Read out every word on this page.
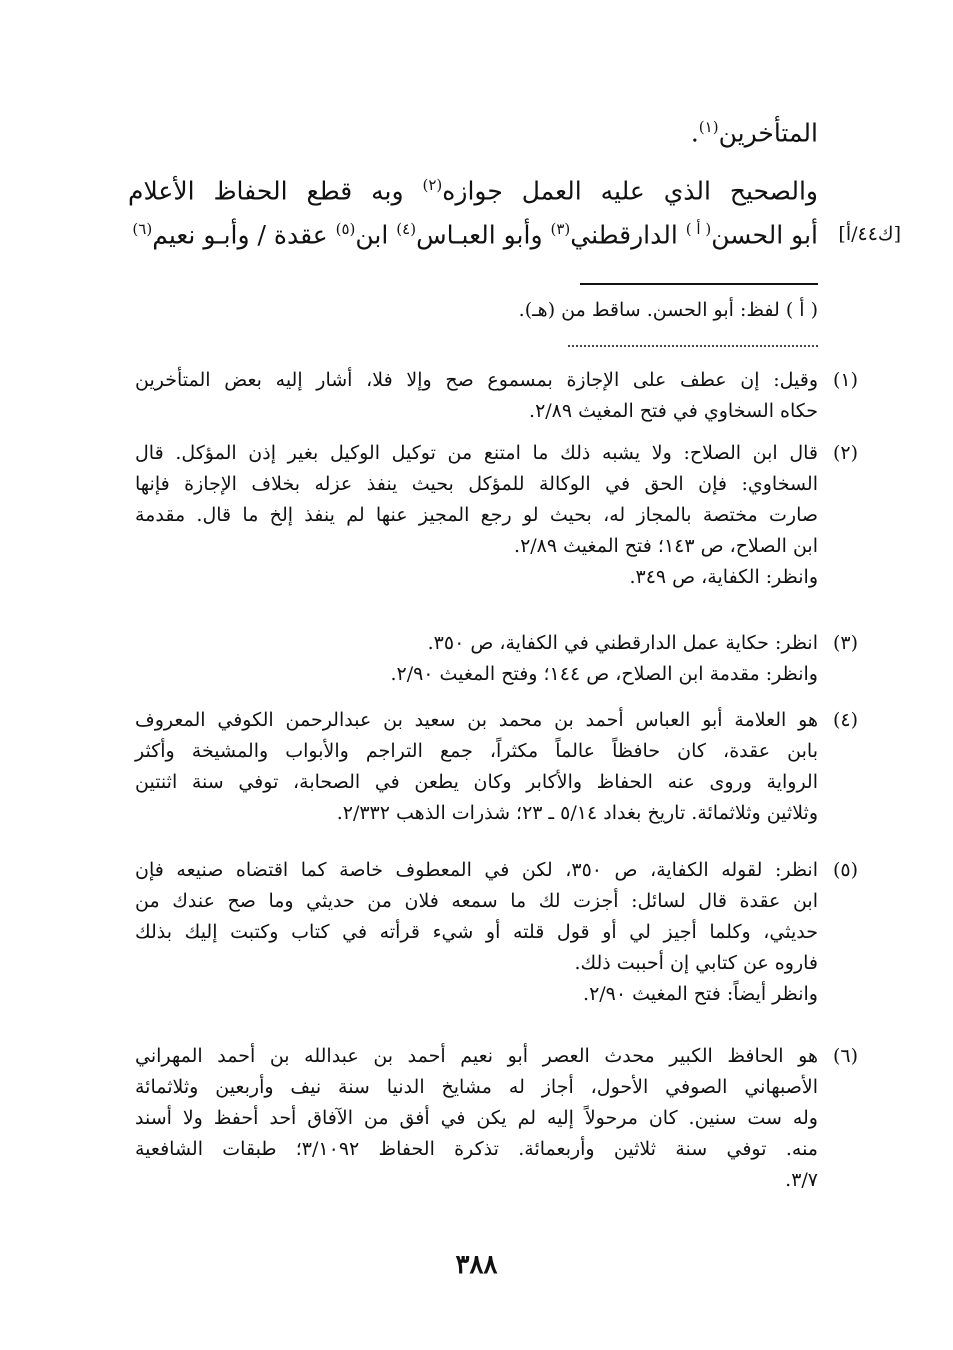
المتأخرين$^{(١)}$.
والصحيح الذي عليه العمل جوازه$^{(٢)}$ وبه قطع الحفاظ الأعلام
أبو الحسن$^{( أ )}$ الدارقطني$^{(٣)}$ وأبو العبـاس$^{(٤)}$ ابن$^{(٥)}$ عقدة / وأبـو نعيم$^{(٦)}$	[ك٤٤/أ]
( أ ) لفظ: أبو الحسن. ساقط من (هـ).
(١)
وقيل: إن عطف على الإجازة بمسموع صح وإلا فلا، أشار إليه بعض المتأخرين
حكاه السخاوي في فتح المغيث ٢/٨٩.
(٢)
قال ابن الصلاح: ولا يشبه ذلك ما امتنع من توكيل الوكيل بغير إذن المؤكل. قال
السخاوي: فإن الحق في الوكالة للمؤكل بحيث ينفذ عزله بخلاف الإجازة فإنها
صارت مختصة بالمجاز له، بحيث لو رجع المجيز عنها لم ينفذ إلخ ما قال. مقدمة
ابن الصلاح، ص ١٤٣؛ فتح المغيث ٢/٨٩.
وانظر: الكفاية، ص ٣٤٩.
(٣)
انظر: حكاية عمل الدارقطني في الكفاية، ص ٣٥٠.
وانظر: مقدمة ابن الصلاح، ص ١٤٤؛ وفتح المغيث ٢/٩٠.
(٤)
هو العلامة أبو العباس أحمد بن محمد بن سعيد بن عبدالرحمن الكوفي المعروف
بابن عقدة، كان حافظاً عالماً مكثراً، جمع التراجم والأبواب والمشيخة وأكثر
الرواية وروى عنه الحفاظ والأكابر وكان يطعن في الصحابة، توفي سنة اثنتين
وثلاثين وثلاثمائة. تاريخ بغداد ٥/١٤ ـ ٢٣؛ شذرات الذهب ٢/٣٣٢.
(٥)
انظر: لقوله الكفاية، ص ٣٥٠، لكن في المعطوف خاصة كما اقتضاه صنيعه فإن
ابن عقدة قال لسائل: أجزت لك ما سمعه فلان من حديثي وما صح عندك من
حديثي، وكلما أجيز لي أو قول قلته أو شيء قرأته في كتاب وكتبت إليك بذلك
فاروه عن كتابي إن أحببت ذلك.
وانظر أيضاً: فتح المغيث ٢/٩٠.
(٦)
هو الحافظ الكبير محدث العصر أبو نعيم أحمد بن عبدالله بن أحمد المهراني
الأصبهاني الصوفي الأحول، أجاز له مشايخ الدنيا سنة نيف وأربعين وثلاثمائة
وله ست سنين. كان مرحولاً إليه لم يكن في أفق من الآفاق أحد أحفظ ولا أسند
منه. توفي سنة ثلاثين وأربعمائة. تذكرة الحفاظ ٣/١٠٩٢؛ طبقات الشافعية
٣/٧.
٣٨٨
